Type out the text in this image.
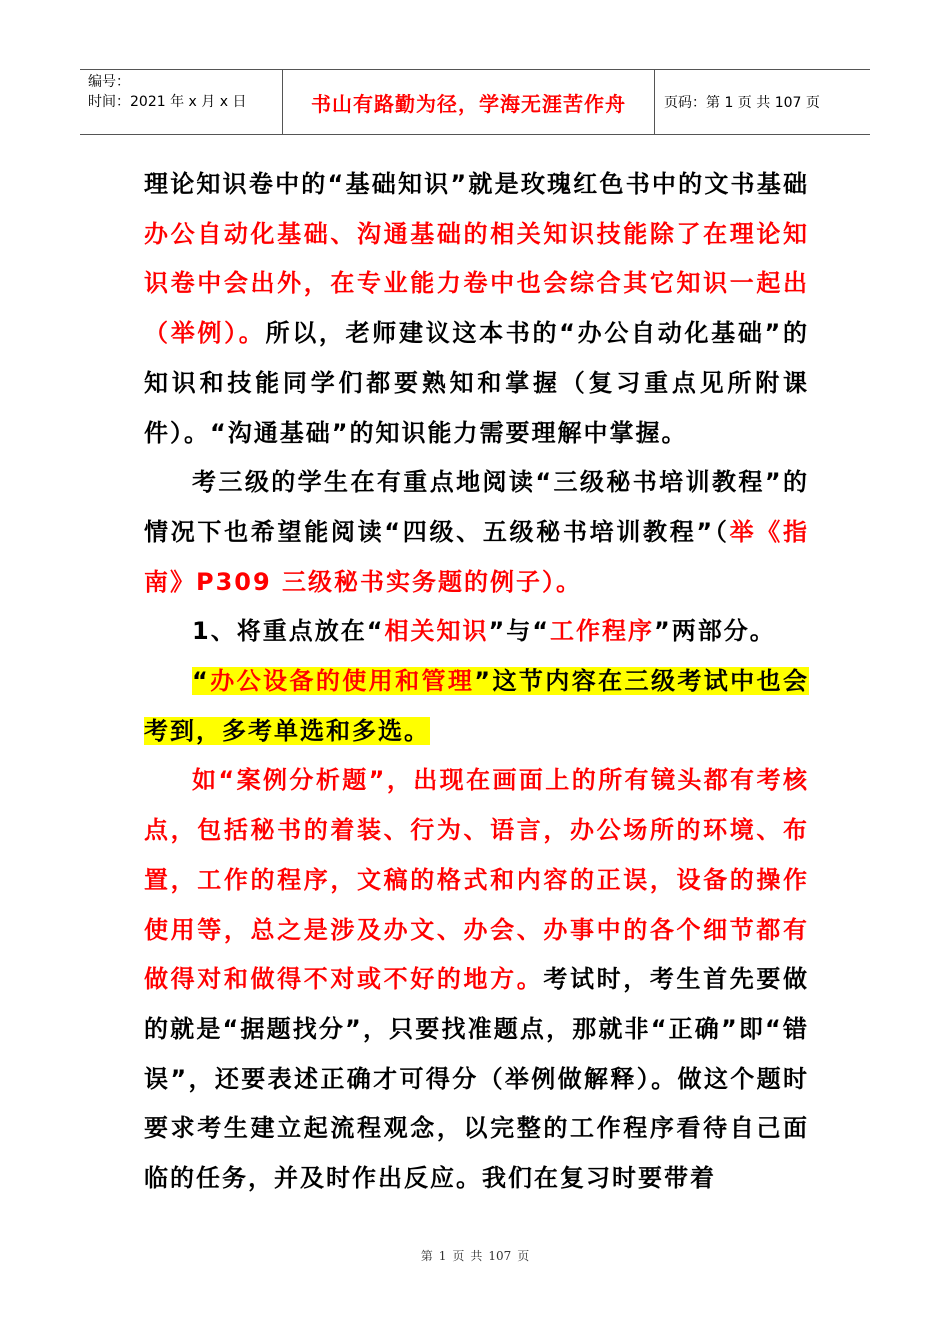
编号：
时间：2021 年 x 月 x 日	书山有路勤为径，学海无涯苦作舟	页码：第 1 页 共 107 页

理论知识卷中的“基础知识”就是玫瑰红色书中的文书基础办公自动化基础、沟通基础的相关知识技能除了在理论知识卷中会出外，在专业能力卷中也会综合其它知识一起出（举例）。所以，老师建议这本书的“办公自动化基础”的知识和技能同学们都要熟知和掌握（复习重点见所附课件）。“沟通基础”的知识能力需要理解中掌握。

考三级的学生在有重点地阅读“三级秘书培训教程”的情况下也希望能阅读“四级、五级秘书培训教程”（举《指南》P309 三级秘书实务题的例子）。

1、将重点放在“相关知识”与“工作程序”两部分。

“办公设备的使用和管理”这节内容在三级考试中也会考到，多考单选和多选。

如“案例分析题”，出现在画面上的所有镜头都有考核点，包括秘书的着装、行为、语言，办公场所的环境、布置，工作的程序，文稿的格式和内容的正误，设备的操作使用等，总之是涉及办文、办会、办事中的各个细节都有做得对和做得不对或不好的地方。考试时，考生首先要做的就是“据题找分”，只要找准题点，那就非“正确”即“错误”，还要表述正确才可得分（举例做解释）。做这个题时要求考生建立起流程观念，以完整的工作程序看待自己面临的任务，并及时作出反应。我们在复习时要带着

第 1 页 共 107 页
